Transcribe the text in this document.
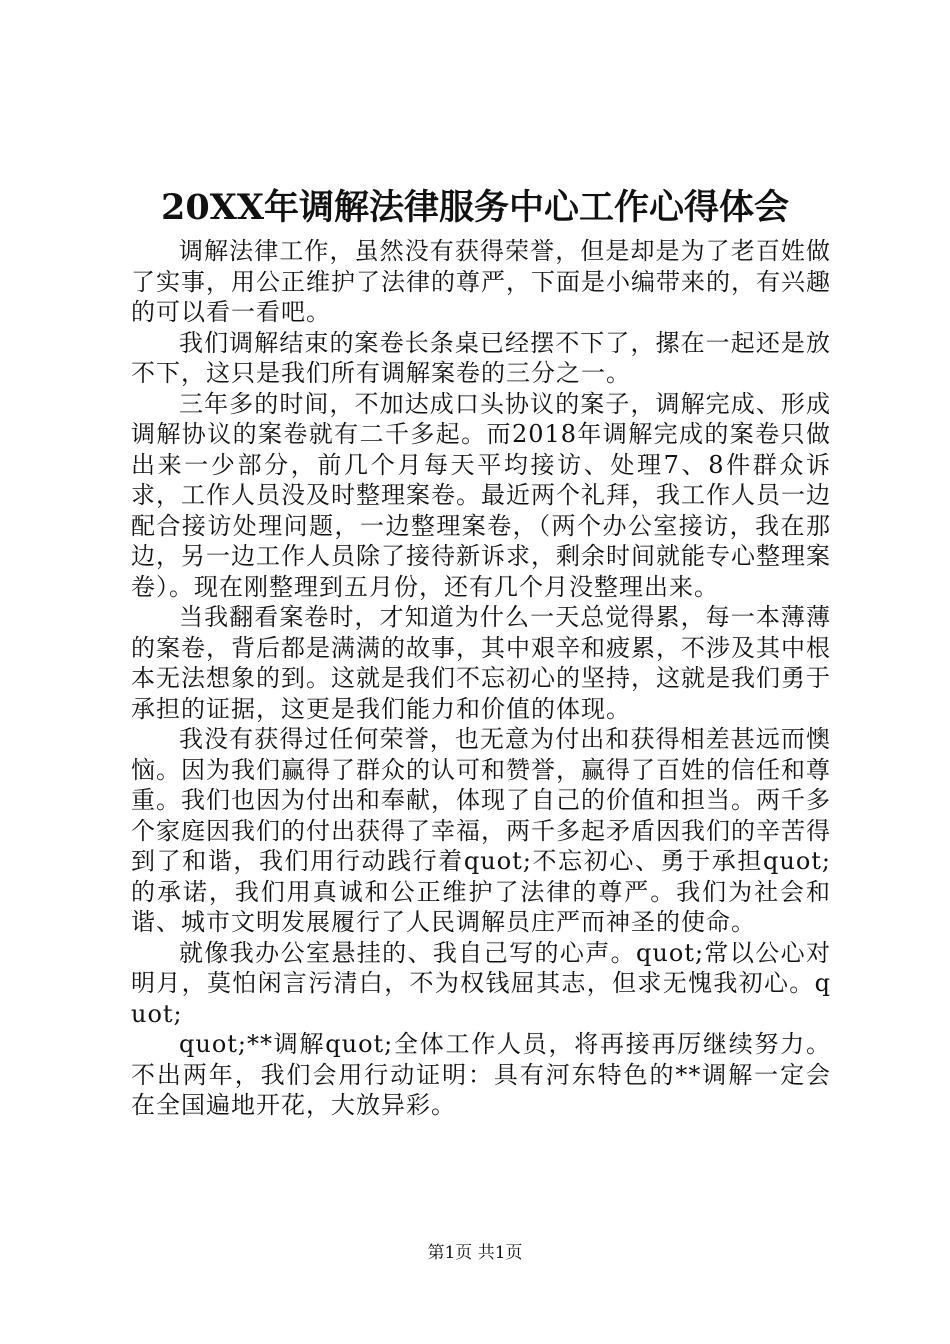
20XX年调解法律服务中心工作心得体会

调解法律工作，虽然没有获得荣誉，但是却是为了老百姓做了实事，用公正维护了法律的尊严，下面是小编带来的，有兴趣的可以看一看吧。

我们调解结束的案卷长条桌已经摆不下了，摞在一起还是放不下，这只是我们所有调解案卷的三分之一。

三年多的时间，不加达成口头协议的案子，调解完成、形成调解协议的案卷就有二千多起。而2018年调解完成的案卷只做出来一少部分，前几个月每天平均接访、处理7、8件群众诉求，工作人员没及时整理案卷。最近两个礼拜，我工作人员一边配合接访处理问题，一边整理案卷，（两个办公室接访，我在那边，另一边工作人员除了接待新诉求，剩余时间就能专心整理案卷）。现在刚整理到五月份，还有几个月没整理出来。

当我翻看案卷时，才知道为什么一天总觉得累，每一本薄薄的案卷，背后都是满满的故事，其中艰辛和疲累，不涉及其中根本无法想象的到。这就是我们不忘初心的坚持，这就是我们勇于承担的证据，这更是我们能力和价值的体现。

我没有获得过任何荣誉，也无意为付出和获得相差甚远而懊恼。因为我们赢得了群众的认可和赞誉，赢得了百姓的信任和尊重。我们也因为付出和奉献，体现了自己的价值和担当。两千多个家庭因我们的付出获得了幸福，两千多起矛盾因我们的辛苦得到了和谐，我们用行动践行着quot;不忘初心、勇于承担quot;的承诺，我们用真诚和公正维护了法律的尊严。我们为社会和谐、城市文明发展履行了人民调解员庄严而神圣的使命。

就像我办公室悬挂的、我自己写的心声。quot;常以公心对明月，莫怕闲言污清白，不为权钱屈其志，但求无愧我初心。quot;

quot;**调解quot;全体工作人员，将再接再厉继续努力。不出两年，我们会用行动证明：具有河东特色的**调解一定会在全国遍地开花，大放异彩。

第1页 共1页
